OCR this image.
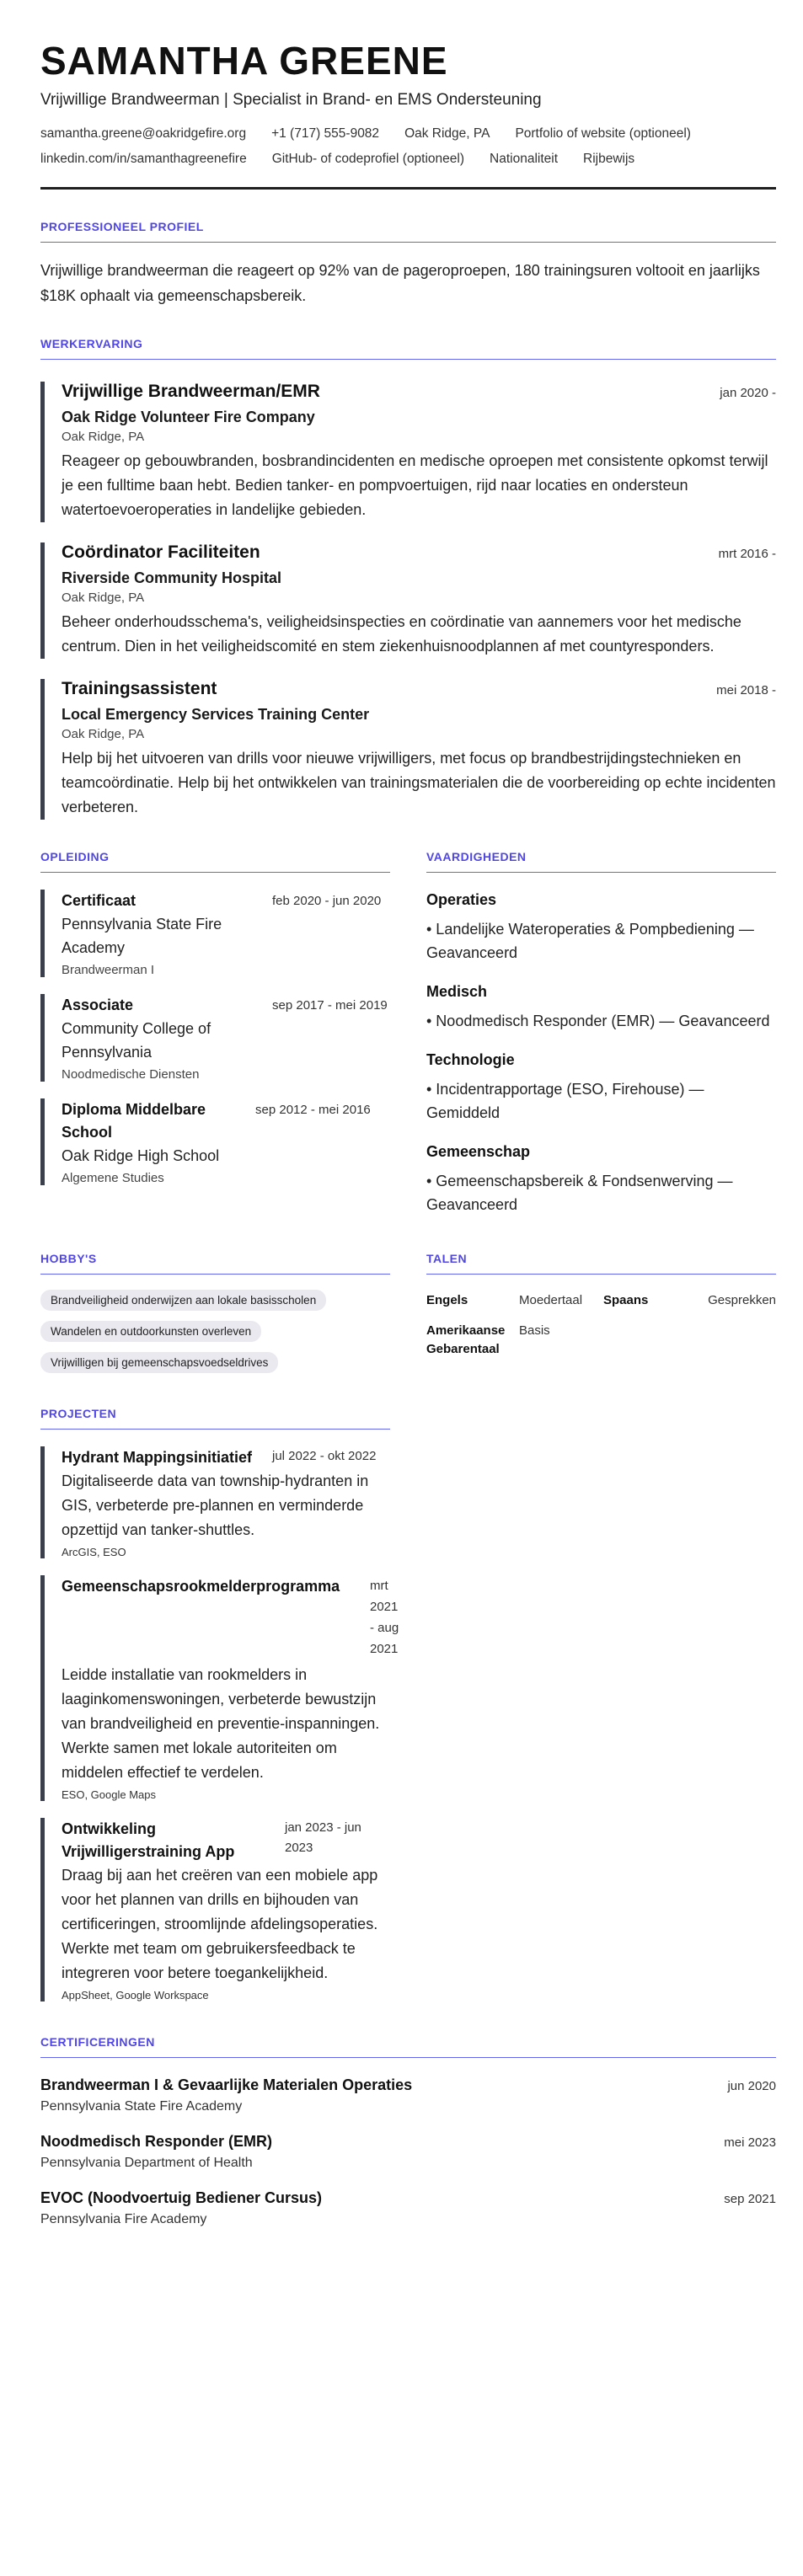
SAMANTHA GREENE
Vrijwillige Brandweerman | Specialist in Brand- en EMS Ondersteuning
samantha.greene@oakridgefire.org +1 (717) 555-9082 Oak Ridge, PA Portfolio of website (optioneel)
linkedin.com/in/samanthagreenefire GitHub- of codeprofiel (optioneel) Nationaliteit Rijbewijs
PROFESSIONEEL PROFIEL
Vrijwillige brandweerman die reageert op 92% van de pageroproepen, 180 trainingsuren voltooit en jaarlijks $18K ophaalt via gemeenschapsbereik.
WERKERVARING
Vrijwillige Brandweerman/EMR	jan 2020 -
Oak Ridge Volunteer Fire Company
Oak Ridge, PA
Reageer op gebouwbranden, bosbrandincidenten en medische oproepen met consistente opkomst terwijl je een fulltime baan hebt. Bedien tanker- en pompvoertuigen, rijd naar locaties en ondersteun watertoevoeroperaties in landelijke gebieden.
Coördinator Faciliteiten	mrt 2016 -
Riverside Community Hospital
Oak Ridge, PA
Beheer onderhoudsschema's, veiligheidsinspecties en coördinatie van aannemers voor het medische centrum. Dien in het veiligheidscomité en stem ziekenhuisnoodplannen af met countyresponders.
Trainingsassistent	mei 2018 -
Local Emergency Services Training Center
Oak Ridge, PA
Help bij het uitvoeren van drills voor nieuwe vrijwilligers, met focus op brandbestrijdingstechnieken en teamcoördinatie. Help bij het ontwikkelen van trainingsmaterialen die de voorbereiding op echte incidenten verbeteren.
OPLEIDING
Certificaat	feb 2020 - jun 2020
Pennsylvania State Fire Academy
Brandweerman I
Associate	sep 2017 - mei 2019
Community College of Pennsylvania
Noodmedische Diensten
Diploma Middelbare School
sep 2012 - mei 2016
Oak Ridge High School
Algemene Studies
VAARDIGHEDEN
Operaties
• Landelijke Wateroperaties & Pompbediening — Geavanceerd
Medisch
• Noodmedisch Responder (EMR) — Geavanceerd
Technologie
• Incidentrapportage (ESO, Firehouse) — Gemiddeld
Gemeenschap
• Gemeenschapsbereik & Fondsenwerving — Geavanceerd
HOBBY'S
Brandveiligheid onderwijzen aan lokale basisscholen
Wandelen en outdoorkunsten overleven
Vrijwilligen bij gemeenschapsvoedseldrives
TALEN
Engels	Moedertaal	Spaans	Gesprekken
Amerikaanse Gebarentaal
Basis
PROJECTEN
Hydrant Mappingsinitiatief jul 2022 - okt 2022
Digitaliseerde data van township-hydranten in GIS, verbeterde pre-plannen en verminderde opzettijd van tanker-shuttles.
ArcGIS, ESO
Gemeenschapsrookmelderprogramma mrt 2021 - aug 2021
Leidde installatie van rookmelders in laaginkomenswoningen, verbeterde bewustzijn van brandveiligheid en preventie-inspanningen. Werkte samen met lokale autoriteiten om middelen effectief te verdelen.
ESO, Google Maps
Ontwikkeling Vrijwilligerstraining App
jan 2023 - jun 2023
Draag bij aan het creëren van een mobiele app voor het plannen van drills en bijhouden van certificeringen, stroomlijnde afdelingsoperaties. Werkte met team om gebruikersfeedback te integreren voor betere toegankelijkheid.
AppSheet, Google Workspace
CERTIFICERINGEN
Brandweerman I & Gevaarlijke Materialen Operaties	jun 2020
Pennsylvania State Fire Academy
Noodmedisch Responder (EMR)	mei 2023
Pennsylvania Department of Health
EVOC (Noodvoertuig Bediener Cursus)	sep 2021
Pennsylvania Fire Academy
